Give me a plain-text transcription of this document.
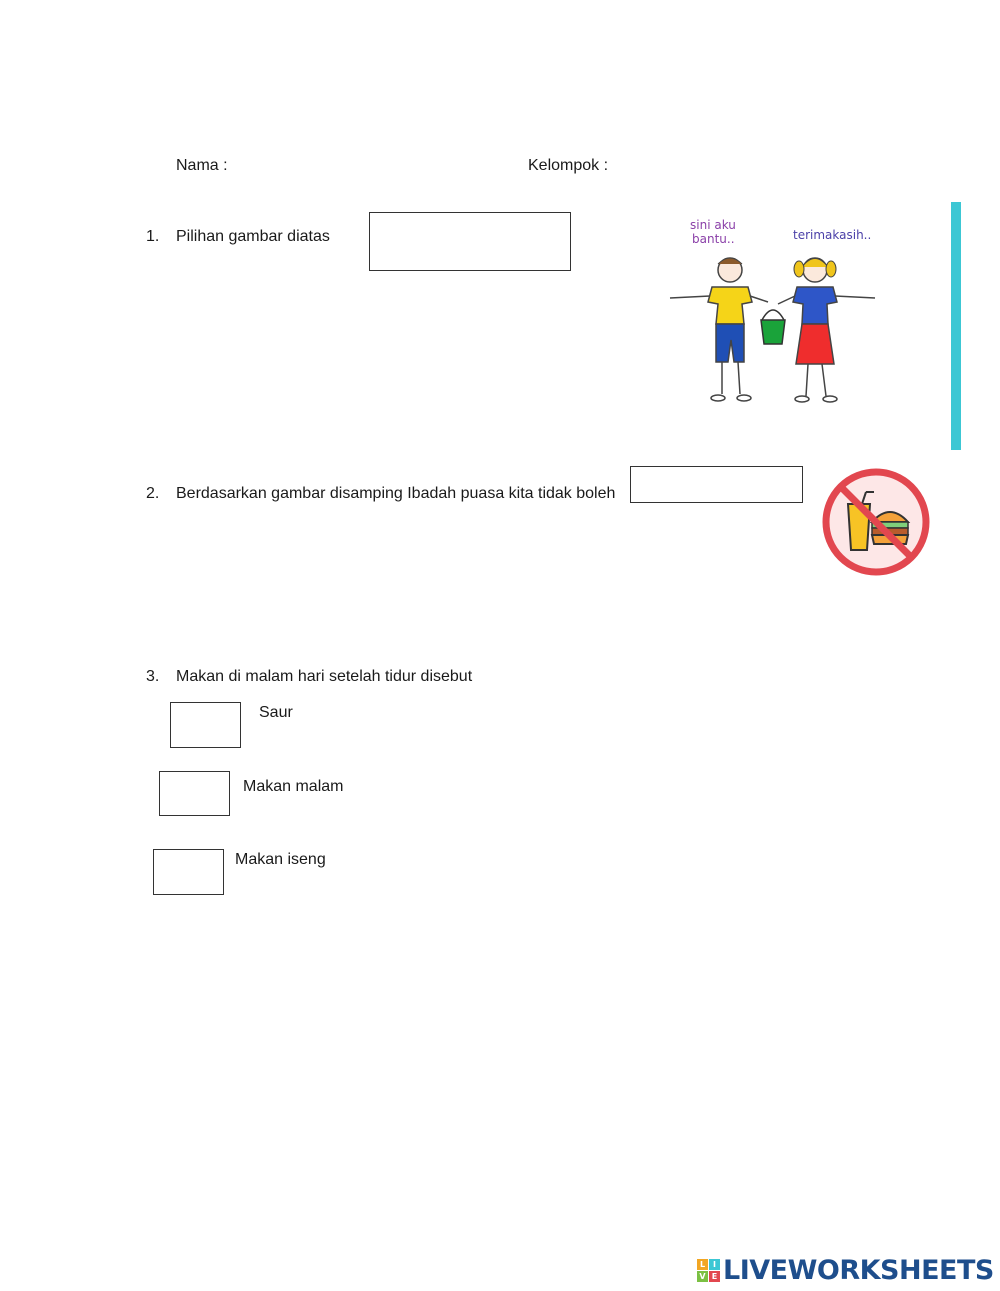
Nama :	Kelompok :
1. Pilihan gambar diatas
sini aku
bantu..	terimakasih..
2. Berdasarkan gambar disamping Ibadah puasa kita tidak boleh
3. Makan di malam hari setelah tidur disebut
Saur
Makan malam
Makan iseng
L I
V E LIVEWORKSHEETS
